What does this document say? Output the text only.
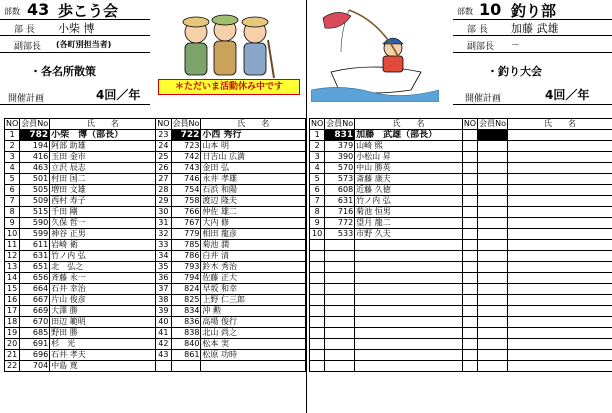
部数 43 歩こう会
部 長 小柴 博
副部長 (各町別担当者)
・各名所散策
開催計画	4回／年
＊ただいま活動休み中です
NO	会員No	氏　　名	NO	会員No	氏　　名
1	782	小柴　博（部長）	23	722	小西 秀行
2	194	阿部 助雄	24	723	山本 明
3	416	玉田 金市	25	742	日吉山 広満
4	463	立沢 辰志	26	743	金田 弘
5	501	村田 国二	27	746	永井 孝雄
6	505	増田 文雄	28	754	石浜 和陽
7	509	西村 寿子	29	758	渡辺 隆夫
8	515	千田 剛	30	766	仲佐 雄二
9	590	久保 哲一	31	767	大内 修
10	599	神谷 正男	32	779	相田 龍彦
11	611	岩崎 衛	33	785	菊池 潤
12	631	竹ノ内 弘	34	786	白井 清
13	651	北　弘之	35	793	鈴木 秀治
14	656	斉藤 永一	36	794	佐藤 正大
15	664	石井 幸治	37	824	早坂 和幸
16	667	片山 俊彦	38	825	上野 仁三郎
17	669	大澤 勝	39	834	沖 勲
18	670	田辺 範明	40	836	高場 俊行
19	685	野田 勝	41	838	北山 尚之
20	691	杉　光	42	840	松本 実
21	696	石井 孝夫	43	861	松原 功時
22	704	中島 寛			
部数 10 釣り部
部 長 加藤 武雄
副部長 －
・釣り大会
開催計画	4回／年
NO	会員No	氏　　名	NO	会員No	氏　　名
1	831	加藤　武雄（部長）			
2	379	山崎 熙			
3	390	小松山 昇			
4	570	中山 勝英			
5	573	斎藤 康夫			
6	608	近藤 久徳			
7	631	竹ノ内 弘			
8	716	菊池 恒男			
9	772	望月 龍二			
10	533	市野 久夫			
